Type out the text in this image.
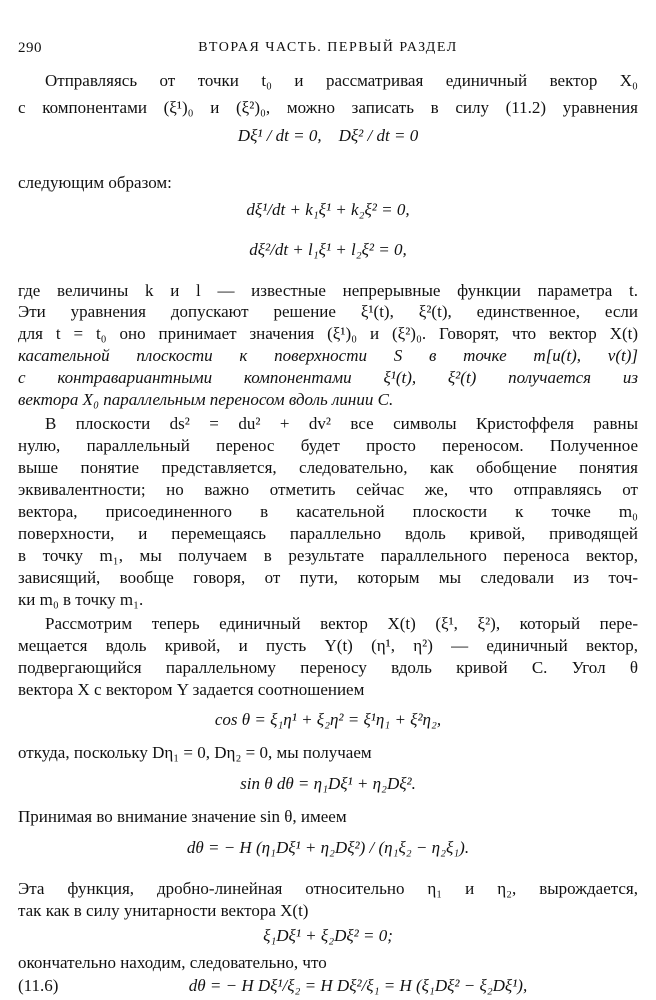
290	ВТОРАЯ ЧАСТЬ. ПЕРВЫЙ РАЗДЕЛ
Отправляясь от точки t₀ и рассматривая единичный вектор X₀
с компонентами (ξ¹)₀ и (ξ²)₀, можно записать в силу (11.2) уравнения
Dξ¹ / dt = 0, Dξ² / dt = 0
следующим образом:
dξ¹/dt + k₁ξ¹ + k₂ξ² = 0,
dξ²/dt + l₁ξ¹ + l₂ξ² = 0,
где величины k и l — известные непрерывные функции параметра t.
Эти уравнения допускают решение ξ¹(t), ξ²(t), единственное, если
для t = t₀ оно принимает значения (ξ¹)₀ и (ξ²)₀. Говорят, что вектор X(t)
касательной плоскости к поверхности S в точке m[u(t), v(t)]
с контравариантными компонентами ξ¹(t), ξ²(t) получается из
вектора X₀ параллельным переносом вдоль линии C.
В плоскости ds² = du² + dv² все символы Кристоффеля равны
нулю, параллельный перенос будет просто переносом. Полученное
выше понятие представляется, следовательно, как обобщение понятия
эквивалентности; но важно отметить сейчас же, что отправляясь от
вектора, присоединенного в касательной плоскости к точке m₀
поверхности, и перемещаясь параллельно вдоль кривой, приводящей
в точку m₁, мы получаем в результате параллельного переноса вектор,
зависящий, вообще говоря, от пути, которым мы следовали из точ-
ки m₀ в точку m₁.
Рассмотрим теперь единичный вектор X(t) (ξ¹, ξ²), который пере-
мещается вдоль кривой, и пусть Y(t) (η¹, η²) — единичный вектор,
подвергающийся параллельному переносу вдоль кривой C. Угол θ
вектора X с вектором Y задается соотношением
cos θ = ξ₁η¹ + ξ₂η² = ξ¹η₁ + ξ²η₂,
откуда, поскольку Dη₁ = 0, Dη₂ = 0, мы получаем
sin θ dθ = η₁Dξ¹ + η₂Dξ².
Принимая во внимание значение sin θ, имеем
dθ = − H (η₁Dξ¹ + η₂Dξ²) / (η₁ξ₂ − η₂ξ₁).
Эта функция, дробно-линейная относительно η₁ и η₂, вырождается,
так как в силу унитарности вектора X(t)
ξ₁Dξ¹ + ξ₂Dξ² = 0;
окончательно находим, следовательно, что
(11.6)	dθ = − H Dξ¹/ξ₂ = H Dξ²/ξ₁ = H (ξ₁Dξ² − ξ₂Dξ¹),
